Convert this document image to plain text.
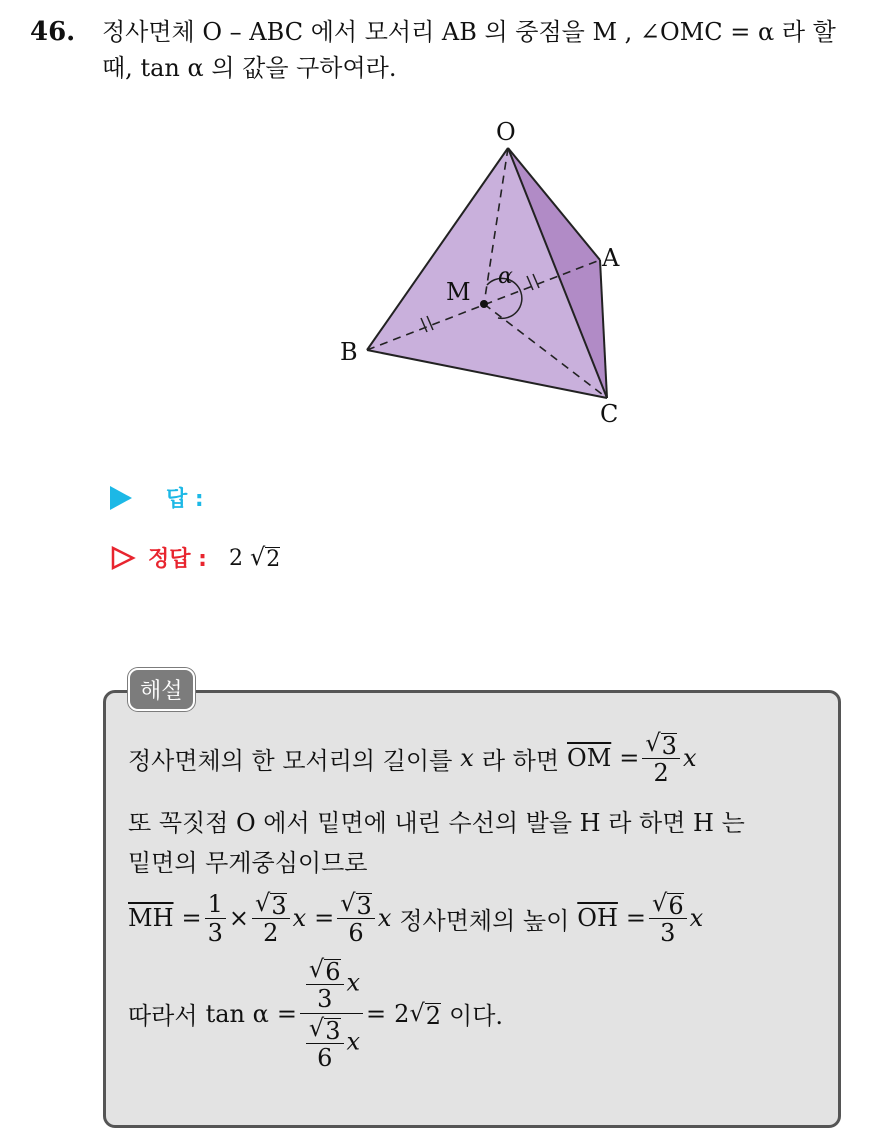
46. 정사면체 O – ABC 에서 모서리 AB 의 중점을 M , ∠OMC = α 라 할
때, tan α 의 값을 구하여라.
O
A
B
C
M
α
답 :
정답 : 2 √ 2
정사면체의 한 모서리의 길이를 x 라 하면 $\overline{OM} = \frac{√ 3}{2}$ x
또 꼭짓점 O 에서 밑면에 내린 수선의 발을 H 라 하면 H 는
밑면의 무게중심이므로
$\overline{MH} = \frac{1}{3} \times \frac{√ 3}{2}$ $x = \frac{√ 3}{6}$ x 정사면체의 높이 $\overline{OH} = \frac{√ 6}{3}$ x
따라서 $\tan \alpha = \frac{\frac{√ 6}{3} x}{\frac{√ 3}{6} x} = 2$ √ 2 이다.
해설
